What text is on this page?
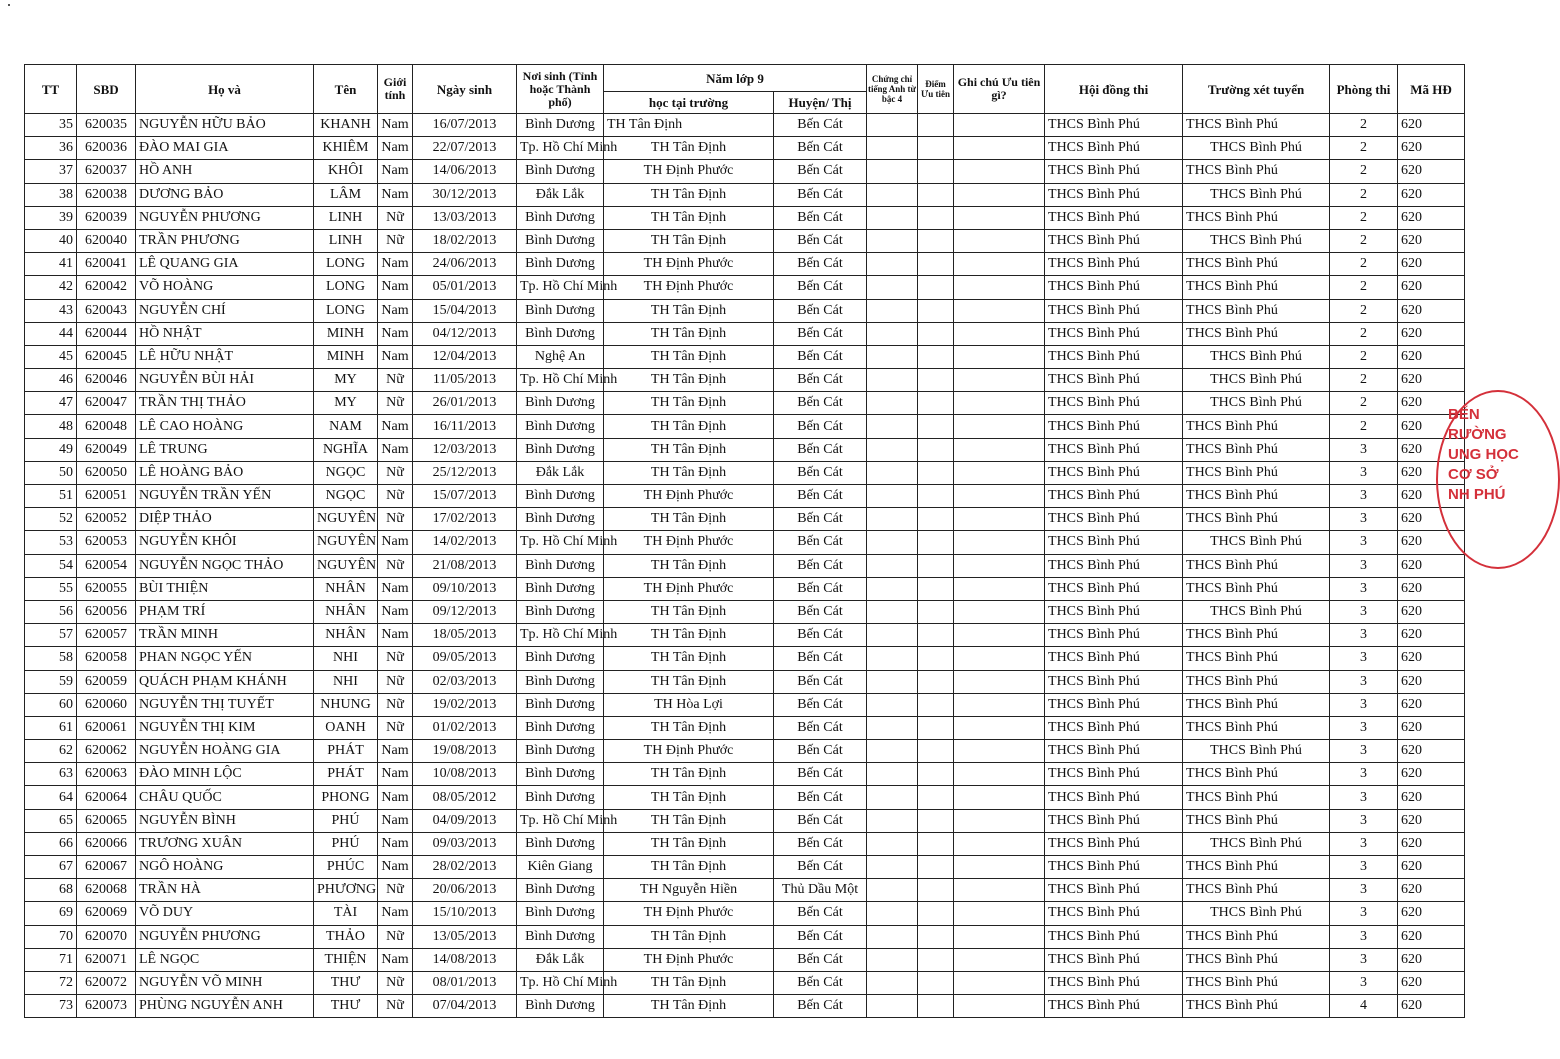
TT	SBD	Họ và	Tên	Giới tính	Ngày sinh	Nơi sinh (Tỉnh hoặc Thành phố)	Năm lớp 9		Chứng chỉ tiếng Anh từ bậc 4	Điểm Ưu tiên	Ghi chú Ưu tiên gì?	Hội đồng thi	Trường xét tuyển	Phòng thi	Mã HĐ
							học tại trường	Huyện/ Thị							
35	620035	NGUYỄN HỮU BẢO	KHANH	Nam	16/07/2013	Bình Dương	TH Tân Định	Bến Cát				THCS Bình Phú	THCS Bình Phú	2	620
36	620036	ĐÀO MAI GIA	KHIÊM	Nam	22/07/2013	Tp. Hồ Chí Minh	TH Tân Định	Bến Cát				THCS Bình Phú	THCS Bình Phú	2	620
37	620037	HỒ ANH	KHÔI	Nam	14/06/2013	Bình Dương	TH Định Phước	Bến Cát				THCS Bình Phú	THCS Bình Phú	2	620
38	620038	DƯƠNG BẢO	LÂM	Nam	30/12/2013	Đắk Lắk	TH Tân Định	Bến Cát				THCS Bình Phú	THCS Bình Phú	2	620
39	620039	NGUYỄN PHƯƠNG	LINH	Nữ	13/03/2013	Bình Dương	TH Tân Định	Bến Cát				THCS Bình Phú	THCS Bình Phú	2	620
40	620040	TRẦN PHƯƠNG	LINH	Nữ	18/02/2013	Bình Dương	TH Tân Định	Bến Cát				THCS Bình Phú	THCS Bình Phú	2	620
41	620041	LÊ QUANG GIA	LONG	Nam	24/06/2013	Bình Dương	TH Định Phước	Bến Cát				THCS Bình Phú	THCS Bình Phú	2	620
42	620042	VÕ HOÀNG	LONG	Nam	05/01/2013	Tp. Hồ Chí Minh	TH Định Phước	Bến Cát				THCS Bình Phú	THCS Bình Phú	2	620
43	620043	NGUYỄN CHÍ	LONG	Nam	15/04/2013	Bình Dương	TH Tân Định	Bến Cát				THCS Bình Phú	THCS Bình Phú	2	620
44	620044	HỒ NHẬT	MINH	Nam	04/12/2013	Bình Dương	TH Tân Định	Bến Cát				THCS Bình Phú	THCS Bình Phú	2	620
45	620045	LÊ HỮU NHẬT	MINH	Nam	12/04/2013	Nghệ An	TH Tân Định	Bến Cát				THCS Bình Phú	THCS Bình Phú	2	620
46	620046	NGUYỄN BÙI HẢI	MY	Nữ	11/05/2013	Tp. Hồ Chí Minh	TH Tân Định	Bến Cát				THCS Bình Phú	THCS Bình Phú	2	620
47	620047	TRẦN THỊ THẢO	MY	Nữ	26/01/2013	Bình Dương	TH Tân Định	Bến Cát				THCS Bình Phú	THCS Bình Phú	2	620
48	620048	LÊ CAO HOÀNG	NAM	Nam	16/11/2013	Bình Dương	TH Tân Định	Bến Cát				THCS Bình Phú	THCS Bình Phú	2	620
49	620049	LÊ TRUNG	NGHĨA	Nam	12/03/2013	Bình Dương	TH Tân Định	Bến Cát				THCS Bình Phú	THCS Bình Phú	3	620
50	620050	LÊ HOÀNG BẢO	NGỌC	Nữ	25/12/2013	Đắk Lắk	TH Tân Định	Bến Cát				THCS Bình Phú	THCS Bình Phú	3	620
51	620051	NGUYỄN TRẦN YẾN	NGỌC	Nữ	15/07/2013	Bình Dương	TH Định Phước	Bến Cát				THCS Bình Phú	THCS Bình Phú	3	620
52	620052	DIỆP THẢO	NGUYÊN	Nữ	17/02/2013	Bình Dương	TH Tân Định	Bến Cát				THCS Bình Phú	THCS Bình Phú	3	620
53	620053	NGUYỄN KHÔI	NGUYÊN	Nam	14/02/2013	Tp. Hồ Chí Minh	TH Định Phước	Bến Cát				THCS Bình Phú	THCS Bình Phú	3	620
54	620054	NGUYỄN NGỌC THẢO	NGUYÊN	Nữ	21/08/2013	Bình Dương	TH Tân Định	Bến Cát				THCS Bình Phú	THCS Bình Phú	3	620
55	620055	BÙI THIỆN	NHÂN	Nam	09/10/2013	Bình Dương	TH Định Phước	Bến Cát				THCS Bình Phú	THCS Bình Phú	3	620
56	620056	PHẠM TRÍ	NHÂN	Nam	09/12/2013	Bình Dương	TH Tân Định	Bến Cát				THCS Bình Phú	THCS Bình Phú	3	620
57	620057	TRẦN MINH	NHÂN	Nam	18/05/2013	Tp. Hồ Chí Minh	TH Tân Định	Bến Cát				THCS Bình Phú	THCS Bình Phú	3	620
58	620058	PHAN NGỌC YẾN	NHI	Nữ	09/05/2013	Bình Dương	TH Tân Định	Bến Cát				THCS Bình Phú	THCS Bình Phú	3	620
59	620059	QUÁCH PHẠM KHÁNH	NHI	Nữ	02/03/2013	Bình Dương	TH Tân Định	Bến Cát				THCS Bình Phú	THCS Bình Phú	3	620
60	620060	NGUYỄN THỊ TUYẾT	NHUNG	Nữ	19/02/2013	Bình Dương	TH Hòa Lợi	Bến Cát				THCS Bình Phú	THCS Bình Phú	3	620
61	620061	NGUYỄN THỊ KIM	OANH	Nữ	01/02/2013	Bình Dương	TH Tân Định	Bến Cát				THCS Bình Phú	THCS Bình Phú	3	620
62	620062	NGUYỄN HOÀNG GIA	PHÁT	Nam	19/08/2013	Bình Dương	TH Định Phước	Bến Cát				THCS Bình Phú	THCS Bình Phú	3	620
63	620063	ĐÀO MINH LỘC	PHÁT	Nam	10/08/2013	Bình Dương	TH Tân Định	Bến Cát				THCS Bình Phú	THCS Bình Phú	3	620
64	620064	CHÂU QUỐC	PHONG	Nam	08/05/2012	Bình Dương	TH Tân Định	Bến Cát				THCS Bình Phú	THCS Bình Phú	3	620
65	620065	NGUYỄN BÌNH	PHÚ	Nam	04/09/2013	Tp. Hồ Chí Minh	TH Tân Định	Bến Cát				THCS Bình Phú	THCS Bình Phú	3	620
66	620066	TRƯƠNG XUÂN	PHÚ	Nam	09/03/2013	Bình Dương	TH Tân Định	Bến Cát				THCS Bình Phú	THCS Bình Phú	3	620
67	620067	NGÔ HOÀNG	PHÚC	Nam	28/02/2013	Kiên Giang	TH Tân Định	Bến Cát				THCS Bình Phú	THCS Bình Phú	3	620
68	620068	TRẦN HÀ	PHƯƠNG	Nữ	20/06/2013	Bình Dương	TH Nguyễn Hiền	Thủ Dầu Một				THCS Bình Phú	THCS Bình Phú	3	620
69	620069	VÕ DUY	TÀI	Nam	15/10/2013	Bình Dương	TH Định Phước	Bến Cát				THCS Bình Phú	THCS Bình Phú	3	620
70	620070	NGUYỄN PHƯƠNG	THẢO	Nữ	13/05/2013	Bình Dương	TH Tân Định	Bến Cát				THCS Bình Phú	THCS Bình Phú	3	620
71	620071	LÊ NGỌC	THIỆN	Nam	14/08/2013	Đắk Lắk	TH Định Phước	Bến Cát				THCS Bình Phú	THCS Bình Phú	3	620
72	620072	NGUYỄN VÕ MINH	THƯ	Nữ	08/01/2013	Tp. Hồ Chí Minh	TH Tân Định	Bến Cát				THCS Bình Phú	THCS Bình Phú	3	620
73	620073	PHÙNG NGUYỄN ANH	THƯ	Nữ	07/04/2013	Bình Dương	TH Tân Định	Bến Cát				THCS Bình Phú	THCS Bình Phú	4	620
BẾN
RƯỜNG
UNG HỌC
CƠ SỞ
NH PHÚ
